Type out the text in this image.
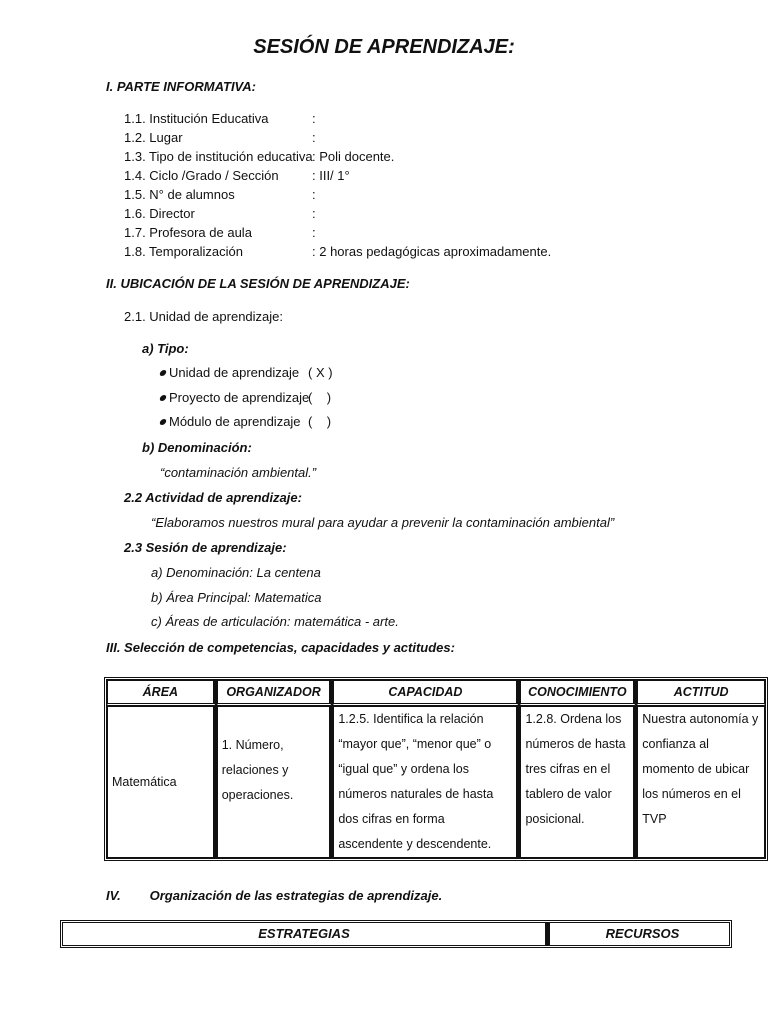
SESIÓN DE APRENDIZAJE:
I. PARTE INFORMATIVA:
1.1. Institución Educativa	:
1.2. Lugar	:
1.3. Tipo de institución educativa : Poli docente.
1.4. Ciclo /Grado / Sección	: III/ 1°
1.5. N° de alumnos	:
1.6. Director	:
1.7. Profesora de aula	:
1.8. Temporalización	: 2 horas pedagógicas aproximadamente.
II. UBICACIÓN DE LA SESIÓN DE APRENDIZAJE:
2.1. Unidad de aprendizaje:
a) Tipo:
Unidad de aprendizaje ( X )
Proyecto de aprendizaje
(    )
Módulo de aprendizaje (    )
b) Denominación:
“contaminación ambiental.”
2.2 Actividad de aprendizaje:
“Elaboramos nuestros mural para ayudar a prevenir la contaminación ambiental”
2.3 Sesión de aprendizaje:
a) Denominación: La centena
b) Área Principal: Matematica
c) Áreas de articulación: matemática - arte.
III. Selección de competencias, capacidades y actitudes:
ÁREA	ORGANIZADOR	CAPACIDAD	CONOCIMIENTO	ACTITUD
Matemática	1. Número, relaciones y operaciones.	1.2.5. Identifica la relación “mayor que”, “menor que” o “igual que” y ordena los números naturales de hasta dos cifras en forma ascendente y descendente.	1.2.8. Ordena los números de hasta tres cifras en el tablero de valor posicional.	Nuestra autonomía y confianza al momento de ubicar los números en el TVP
IV.        Organización de las estrategias de aprendizaje.
ESTRATEGIAS	RECURSOS
